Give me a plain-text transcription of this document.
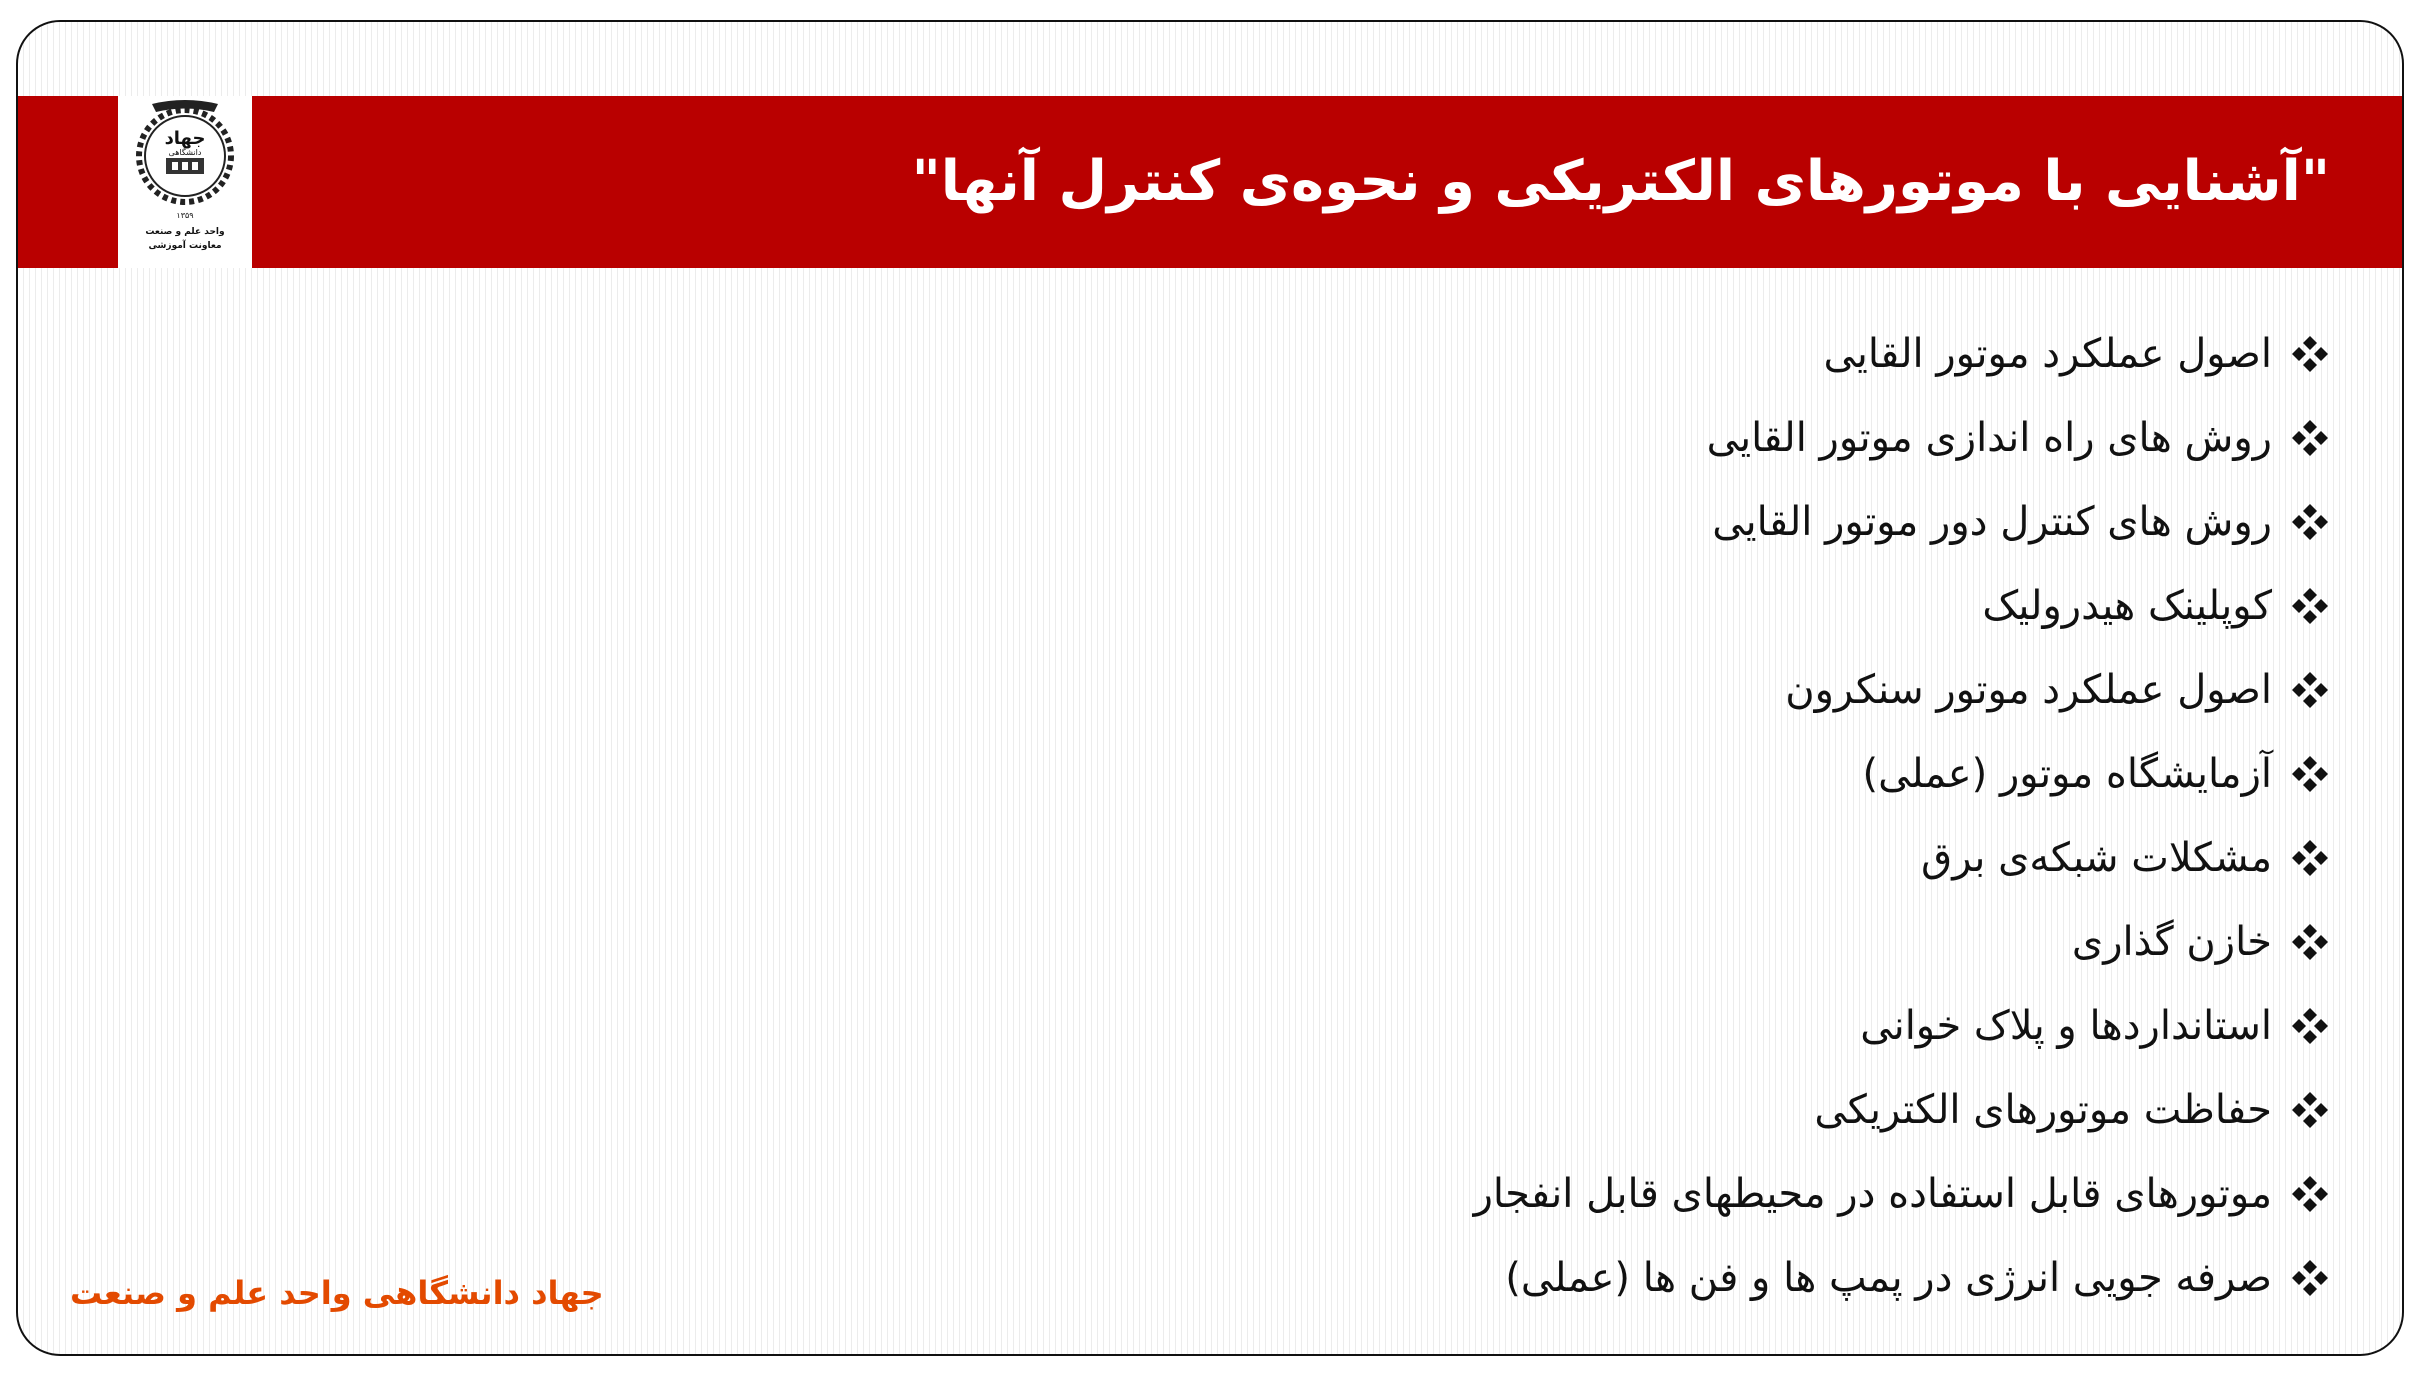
جهاد
دانشگاهی
۱۳۵۹
واحد علم و صنعت
معاونت آموزشی
"آشنایی با موتورهای الکتریکی و نحوه‌ی کنترل آنها"
اصول عملکرد موتور القایی
روش های راه اندازی موتور القایی
روش های کنترل دور موتور القایی
کوپلینک هیدرولیک
اصول عملکرد موتور سنکرون
آزمایشگاه موتور (عملی)
مشکلات شبکه‌ی برق
خازن گذاری
استانداردها و پلاک خوانی
حفاظت موتورهای الکتریکی
موتورهای قابل استفاده در محیطهای قابل انفجار
صرفه جویی انرژی در پمپ ها و فن ها (عملی)
جهاد دانشگاهی واحد علم و صنعت
